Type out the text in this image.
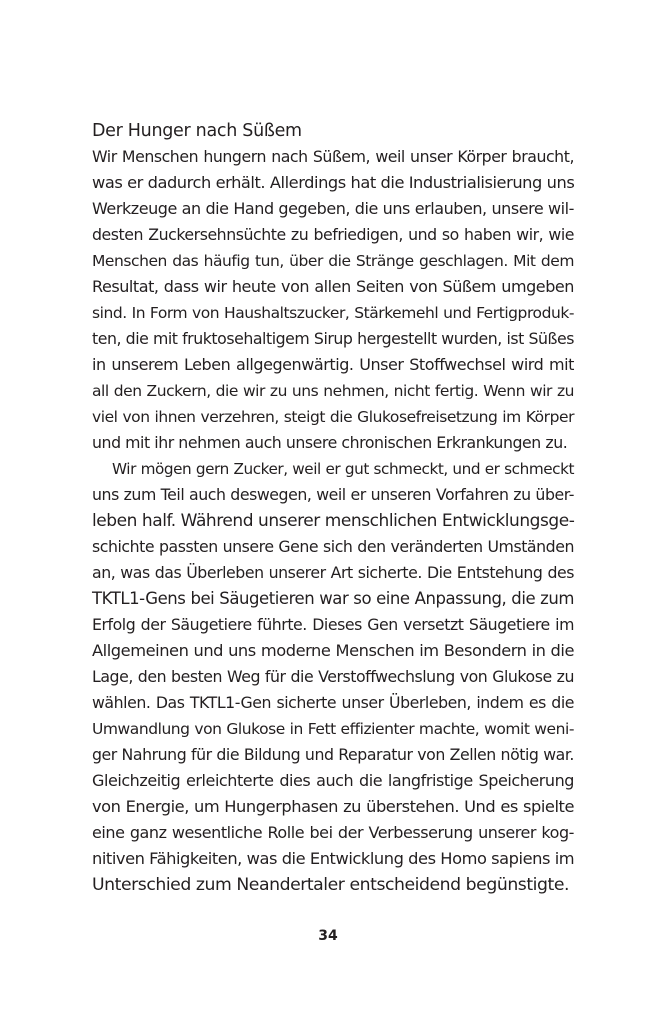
Der Hunger nach Süßem
Wir Menschen hungern nach Süßem, weil unser Körper braucht,
was er dadurch erhält. Allerdings hat die Industrialisierung uns
Werkzeuge an die Hand gegeben, die uns erlauben, unsere wil-
desten Zuckersehnsüchte zu befriedigen, und so haben wir, wie
Menschen das häufig tun, über die Stränge geschlagen. Mit dem
Resultat, dass wir heute von allen Seiten von Süßem umgeben
sind. In Form von Haushaltszucker, Stärkemehl und Fertigproduk-
ten, die mit fruktosehaltigem Sirup hergestellt wurden, ist Süßes
in unserem Leben allgegenwärtig. Unser Stoffwechsel wird mit
all den Zuckern, die wir zu uns nehmen, nicht fertig. Wenn wir zu
viel von ihnen verzehren, steigt die Glukosefreisetzung im Körper
und mit ihr nehmen auch unsere chronischen Erkrankungen zu.
Wir mögen gern Zucker, weil er gut schmeckt, und er schmeckt
uns zum Teil auch deswegen, weil er unseren Vorfahren zu über-
leben half. Während unserer menschlichen Entwicklungsge-
schichte passten unsere Gene sich den veränderten Umständen
an, was das Überleben unserer Art sicherte. Die Entstehung des
TKTL1-Gens bei Säugetieren war so eine Anpassung, die zum
Erfolg der Säugetiere führte. Dieses Gen versetzt Säugetiere im
Allgemeinen und uns moderne Menschen im Besondern in die
Lage, den besten Weg für die Verstoffwechslung von Glukose zu
wählen. Das TKTL1-Gen sicherte unser Überleben, indem es die
Umwandlung von Glukose in Fett effizienter machte, womit weni-
ger Nahrung für die Bildung und Reparatur von Zellen nötig war.
Gleichzeitig erleichterte dies auch die langfristige Speicherung
von Energie, um Hungerphasen zu überstehen. Und es spielte
eine ganz wesentliche Rolle bei der Verbesserung unserer kog-
nitiven Fähigkeiten, was die Entwicklung des Homo sapiens im
Unterschied zum Neandertaler entscheidend begünstigte.
34
